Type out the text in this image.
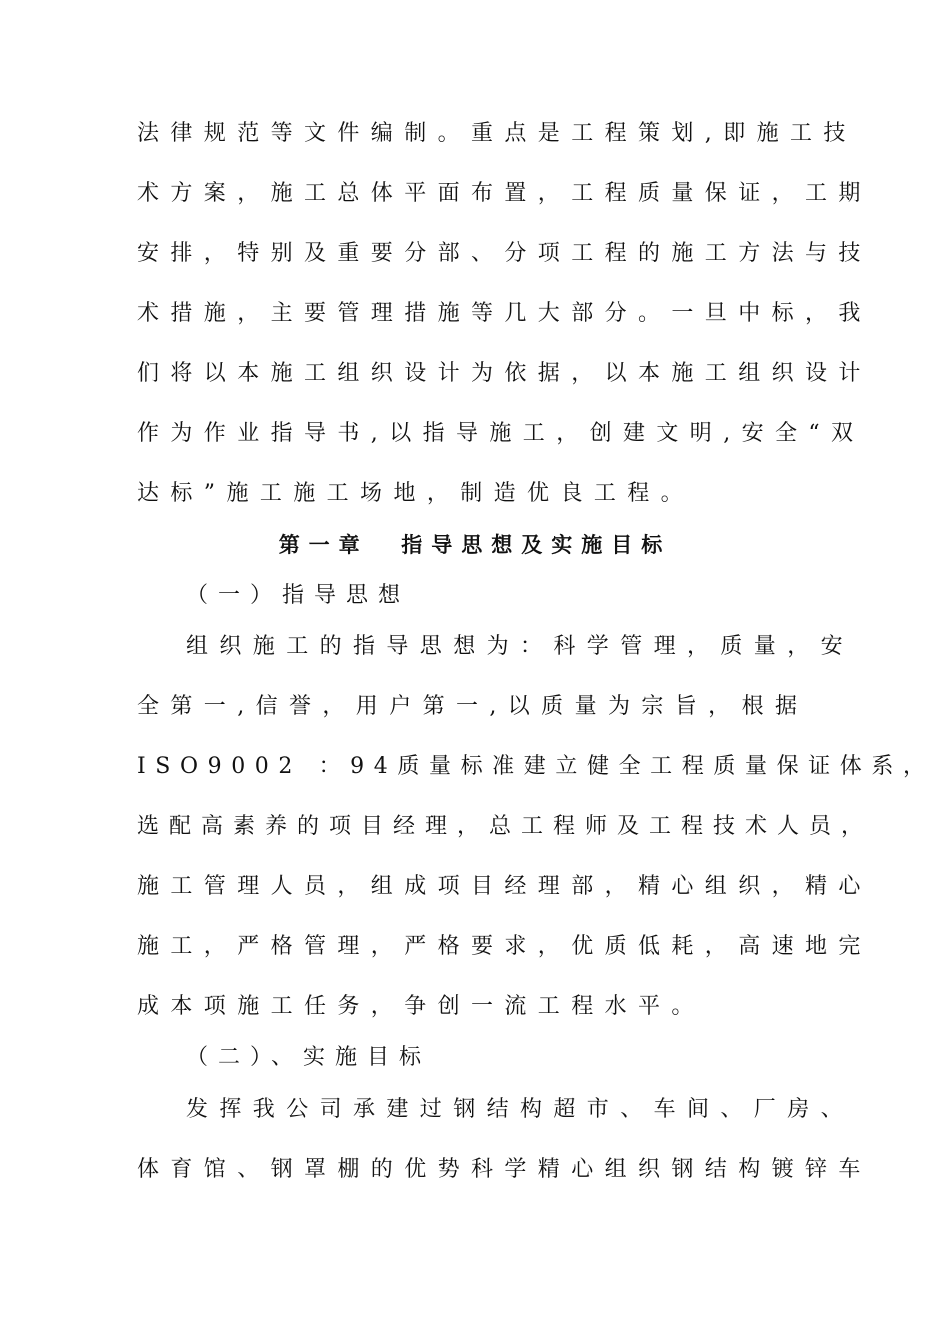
法律规范等文件编制。重点是工程策划,即施工技
术方案，施工总体平面布置，工程质量保证，工期
安排，特别及重要分部、分项工程的施工方法与技
术措施，主要管理措施等几大部分。一旦中标，我
们将以本施工组织设计为依据，以本施工组织设计
作为作业指导书,以指导施工，创建文明,安全“双
达标”施工施工场地，制造优良工程。
第一章  指导思想及实施目标
（一）指导思想
组织施工的指导思想为：科学管理，质量，安
全第一,信誉，用户第一,以质量为宗旨，根据
ISO9002 ：94质量标准建立健全工程质量保证体系，
选配高素养的项目经理，总工程师及工程技术人员，
施工管理人员，组成项目经理部，精心组织，精心
施工，严格管理，严格要求，优质低耗，高速地完
成本项施工任务，争创一流工程水平。
（二）、实施目标
发挥我公司承建过钢结构超市、车间、厂房、
体育馆、钢罩棚的优势科学精心组织钢结构镀锌车
